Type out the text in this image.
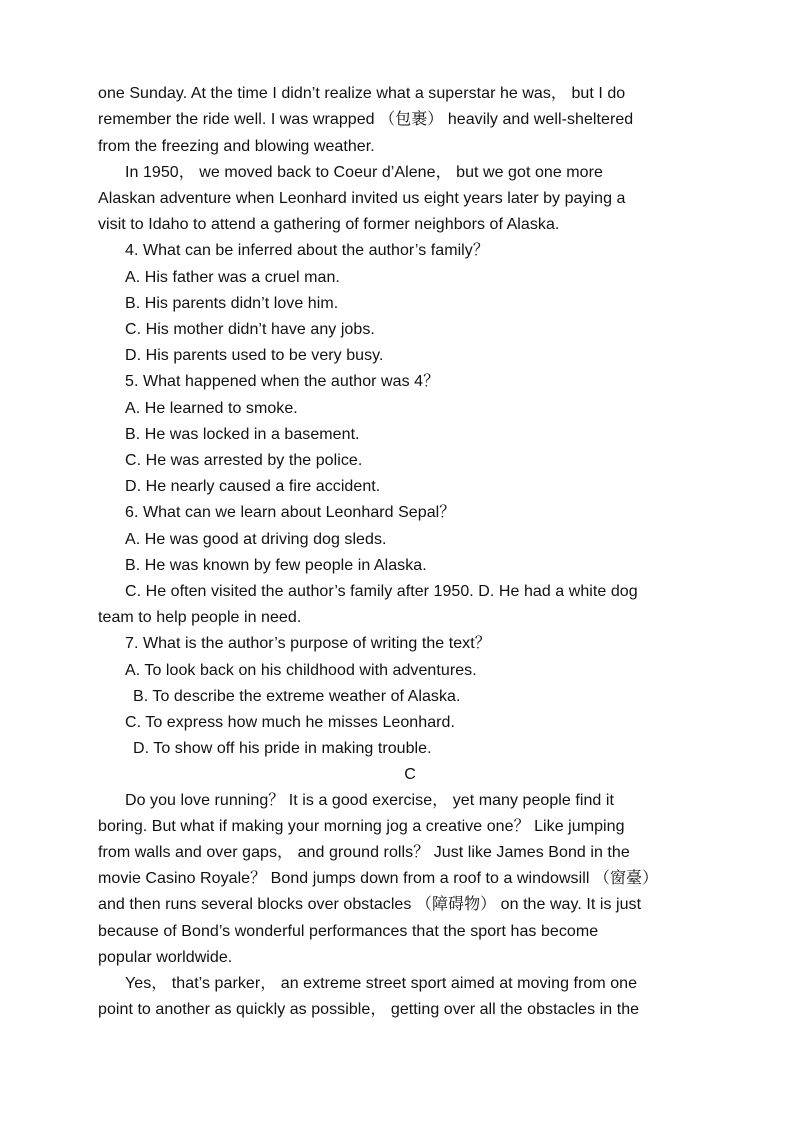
one Sunday. At the time I didn’t realize what a superstar he was， but I do
remember the ride well. I was wrapped （包裹） heavily and well-sheltered
from the freezing and blowing weather.
In 1950， we moved back to Coeur d’Alene， but we got one more
Alaskan adventure when Leonhard invited us eight years later by paying a
visit to Idaho to attend a gathering of former neighbors of Alaska.
4. What can be inferred about the author’s family？
A. His father was a cruel man.
B. His parents didn’t love him.
C. His mother didn’t have any jobs.
D. His parents used to be very busy.
5. What happened when the author was 4？
A. He learned to smoke.
B. He was locked in a basement.
C. He was arrested by the police.
D. He nearly caused a fire accident.
6. What can we learn about Leonhard Sepal？
A. He was good at driving dog sleds.
B. He was known by few people in Alaska.
C. He often visited the author’s family after 1950. D. He had a white dog
team to help people in need.
7. What is the author’s purpose of writing the text？
A. To look back on his childhood with adventures.
B. To describe the extreme weather of Alaska.
C. To express how much he misses Leonhard.
D. To show off his pride in making trouble.
C
Do you love running？ It is a good exercise， yet many people find it
boring. But what if making your morning jog a creative one？ Like jumping
from walls and over gaps， and ground rolls？ Just like James Bond in the
movie Casino Royale？ Bond jumps down from a roof to a windowsill （窗臺）
and then runs several blocks over obstacles （障碍物） on the way. It is just
because of Bond’s wonderful performances that the sport has become
popular worldwide.
Yes， that’s parker， an extreme street sport aimed at moving from one
point to another as quickly as possible， getting over all the obstacles in the
